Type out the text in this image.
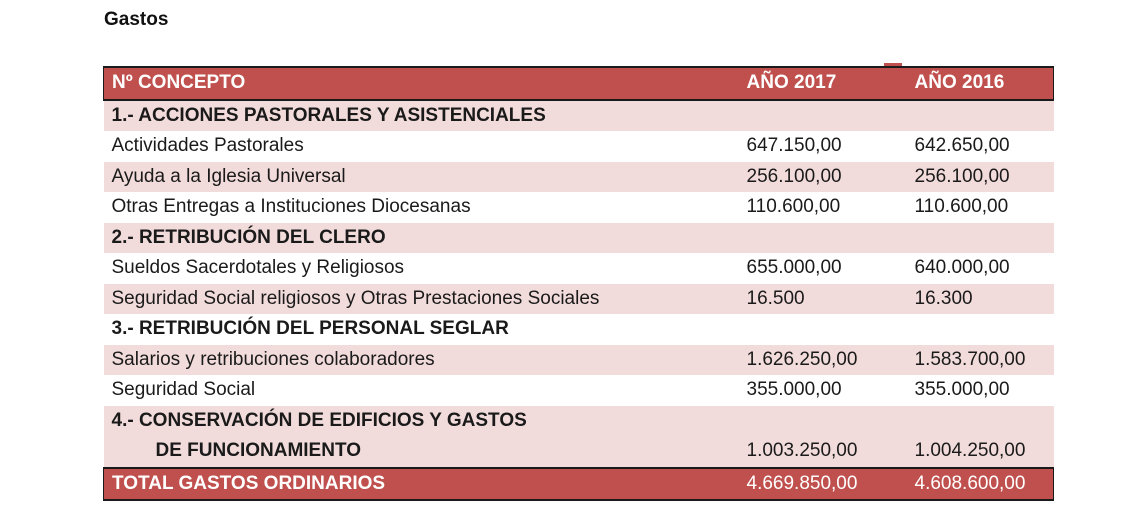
Gastos
Nº CONCEPTO	AÑO 2017	AÑO 2016
1.- ACCIONES PASTORALES Y ASISTENCIALES		
Actividades Pastorales	647.150,00	642.650,00
Ayuda a la Iglesia Universal	256.100,00	256.100,00
Otras Entregas a Instituciones Diocesanas	110.600,00	110.600,00
2.- RETRIBUCIÓN DEL CLERO		
Sueldos Sacerdotales y Religiosos	655.000,00	640.000,00
Seguridad Social religiosos y Otras Prestaciones Sociales	16.500	16.300
3.- RETRIBUCIÓN DEL PERSONAL SEGLAR		
Salarios y retribuciones colaboradores	1.626.250,00	1.583.700,00
Seguridad Social	355.000,00	355.000,00
4.- CONSERVACIÓN DE EDIFICIOS Y GASTOS		
DE FUNCIONAMIENTO	1.003.250,00	1.004.250,00
TOTAL GASTOS ORDINARIOS	4.669.850,00	4.608.600,00
